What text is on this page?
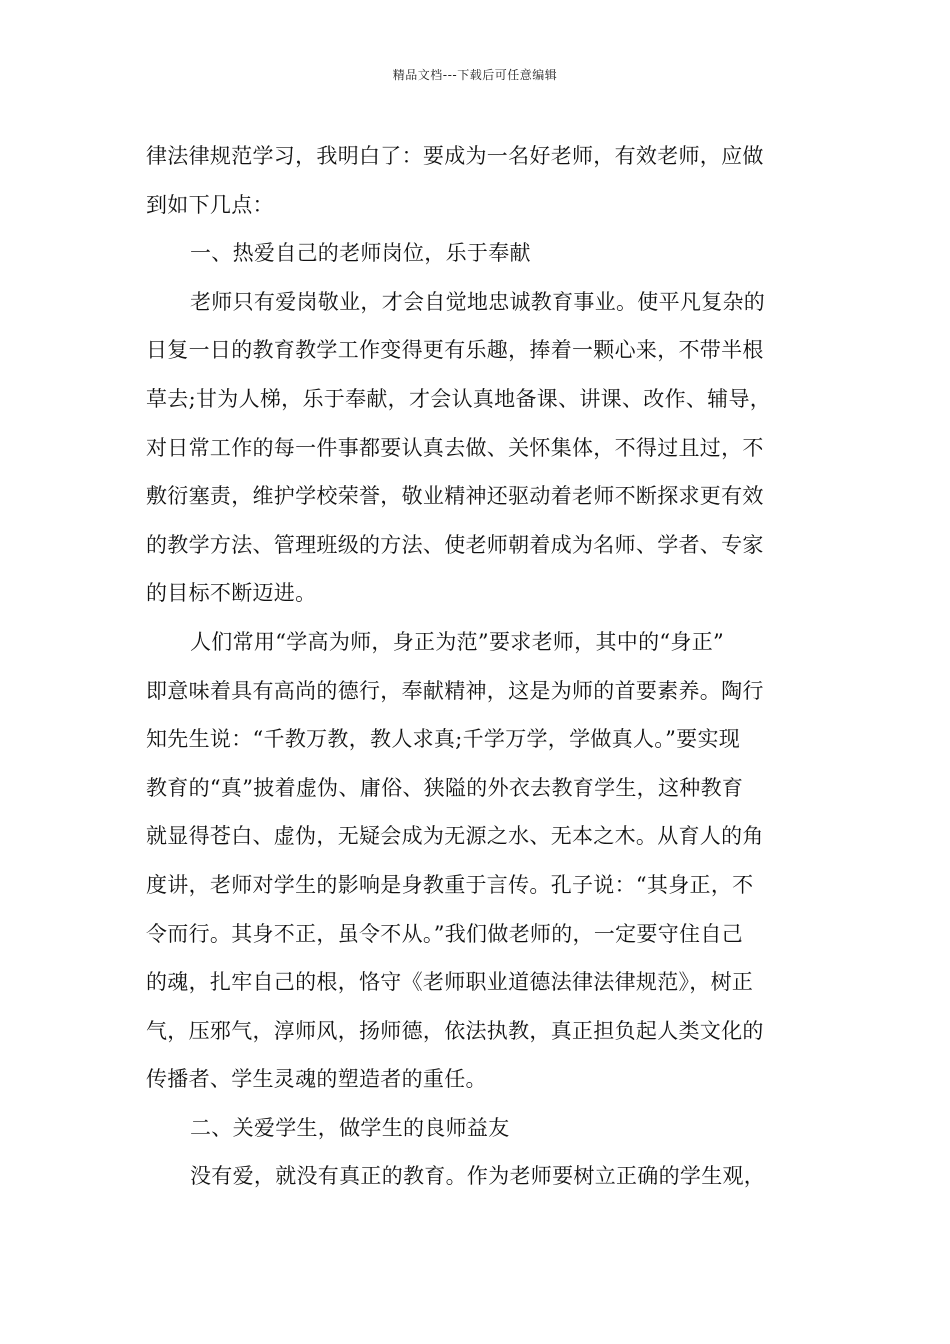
精品文档---下载后可任意编辑
律法律规范学习，我明白了：要成为一名好老师，有效老师，应做
到如下几点：
一、热爱自己的老师岗位，乐于奉献
老师只有爱岗敬业，才会自觉地忠诚教育事业。使平凡复杂的
日复一日的教育教学工作变得更有乐趣，捧着一颗心来，不带半根
草去;甘为人梯，乐于奉献，才会认真地备课、讲课、改作、辅导，
对日常工作的每一件事都要认真去做、关怀集体，不得过且过，不
敷衍塞责，维护学校荣誉，敬业精神还驱动着老师不断探求更有效
的教学方法、管理班级的方法、使老师朝着成为名师、学者、专家
的目标不断迈进。
人们常用“学高为师，身正为范”要求老师，其中的“身正”
即意味着具有高尚的德行，奉献精神，这是为师的首要素养。陶行
知先生说：“千教万教，教人求真;千学万学，学做真人。”要实现
教育的“真”披着虚伪、庸俗、狭隘的外衣去教育学生，这种教育
就显得苍白、虚伪，无疑会成为无源之水、无本之木。从育人的角
度讲，老师对学生的影响是身教重于言传。孔子说：“其身正，不
令而行。其身不正，虽令不从。”我们做老师的，一定要守住自己
的魂，扎牢自己的根，恪守《老师职业道德法律法律规范》，树正
气，压邪气，淳师风，扬师德，依法执教，真正担负起人类文化的
传播者、学生灵魂的塑造者的重任。
二、关爱学生，做学生的良师益友
没有爱，就没有真正的教育。作为老师要树立正确的学生观，
